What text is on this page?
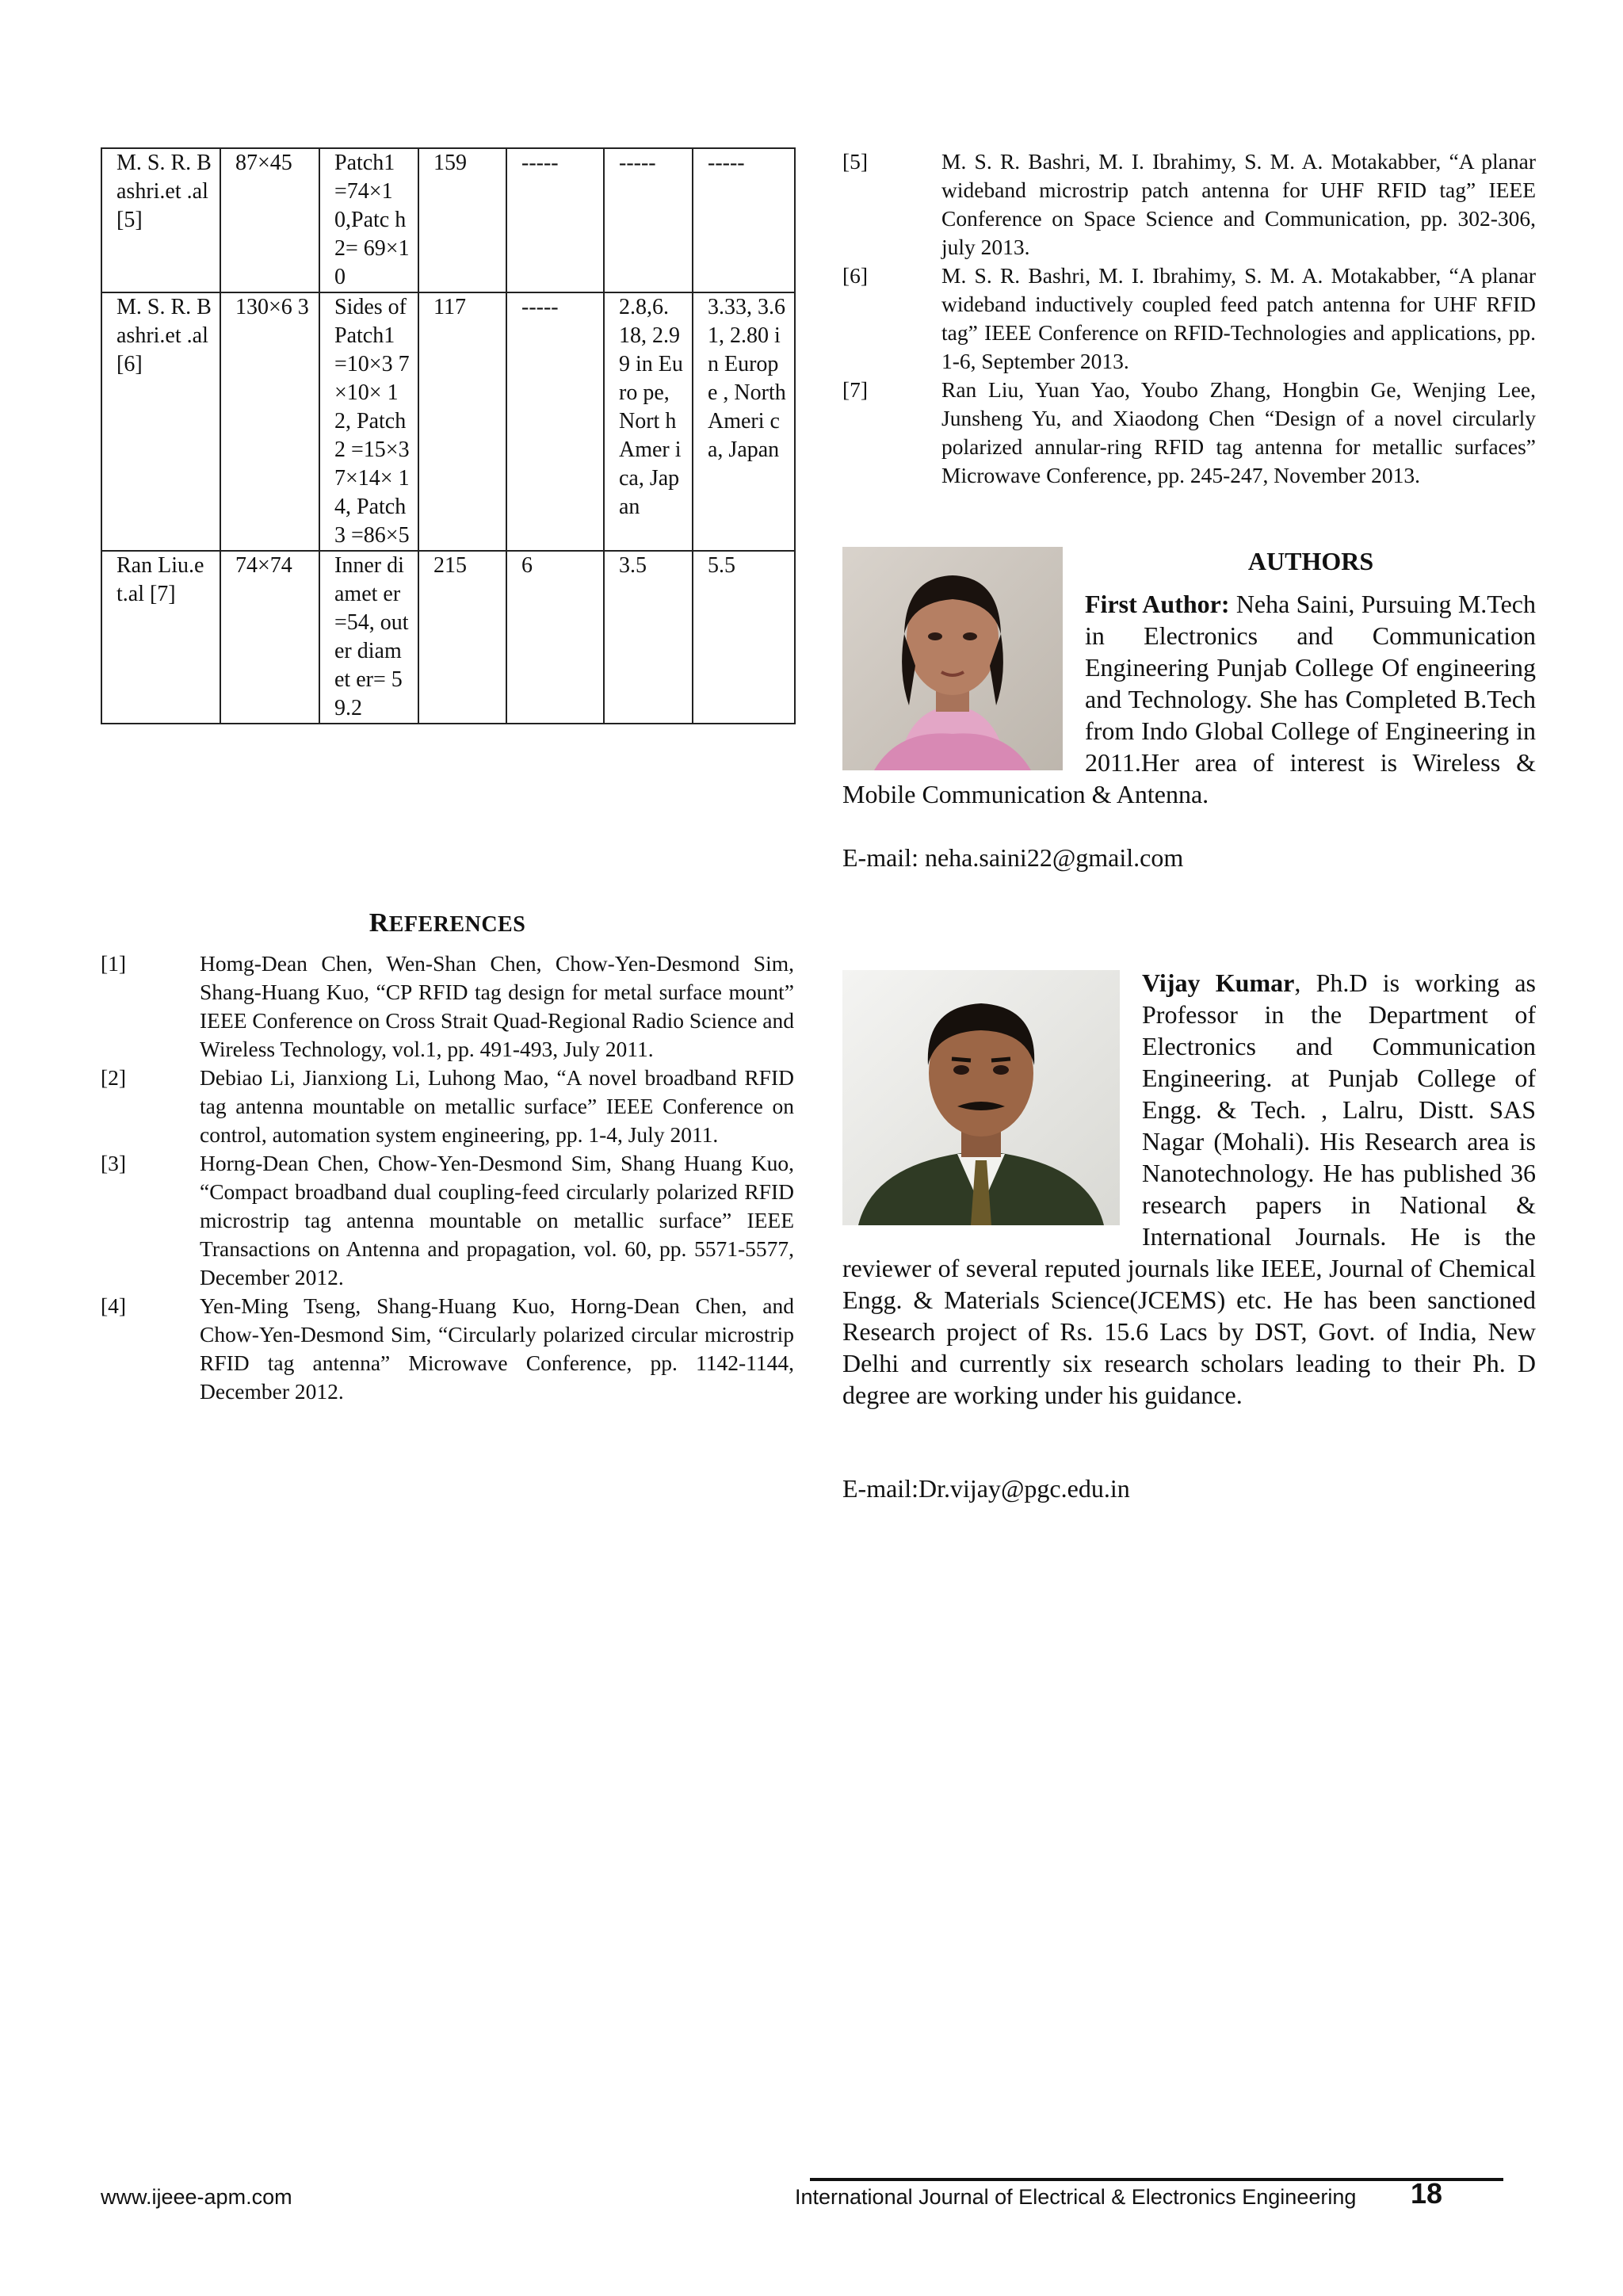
M. S. R. Bashri.et .al [5]	87×45	Patch1 =74×1 0,Patc h2= 69×10	159	-----	-----	-----
M. S. R. Bashri.et .al [6]	130×6 3	Sides of Patch1 =10×3 7×10× 12, Patch2 =15×3 7×14× 14, Patch3 =86×5	117	-----	2.8,6. 18, 2.99 in Euro pe, Nort h Amer ica, Japan	3.33, 3.61, 2.80 in Europe , North Ameri ca, Japan
Ran Liu.et.al [7]	74×74	Inner diamet er=54, outer diamet er= 59.2	215	6	3.5	5.5
REFERENCES
[1]	Homg-Dean Chen, Wen-Shan Chen, Chow-Yen-Desmond Sim, Shang-Huang Kuo, “CP RFID tag design for metal surface mount” IEEE Conference on Cross Strait Quad-Regional Radio Science and Wireless Technology, vol.1, pp. 491-493, July 2011.
[2]	Debiao Li, Jianxiong Li, Luhong Mao, “A novel broadband RFID tag antenna mountable on metallic surface” IEEE Conference on control, automation system engineering, pp. 1-4, July 2011.
[3]	Horng-Dean Chen, Chow-Yen-Desmond Sim, Shang Huang Kuo, “Compact broadband dual coupling-feed circularly polarized RFID microstrip tag antenna mountable on metallic surface” IEEE Transactions on Antenna and propagation, vol. 60, pp. 5571-5577, December 2012.
[4]	Yen-Ming Tseng, Shang-Huang Kuo, Horng-Dean Chen, and Chow-Yen-Desmond Sim, “Circularly polarized circular microstrip RFID tag antenna” Microwave Conference, pp. 1142-1144, December 2012.
[5]	M. S. R. Bashri, M. I. Ibrahimy, S. M. A. Motakabber, “A planar wideband microstrip patch antenna for UHF RFID tag” IEEE Conference on Space Science and Communication, pp. 302-306, july 2013.
[6]	M. S. R. Bashri, M. I. Ibrahimy, S. M. A. Motakabber, “A planar wideband inductively coupled feed patch antenna for UHF RFID tag” IEEE Conference on RFID-Technologies and applications, pp. 1-6, September 2013.
[7]	Ran Liu, Yuan Yao, Youbo Zhang, Hongbin Ge, Wenjing Lee, Junsheng Yu, and Xiaodong Chen “Design of a novel circularly polarized annular-ring RFID tag antenna for metallic surfaces” Microwave Conference, pp. 245-247, November 2013.
AUTHORS
First Author: Neha Saini, Pursuing M.Tech in Electronics and Communication Engineering Punjab College Of engineering and Technology. She has Completed B.Tech from Indo Global College of Engineering in 2011.Her area of interest is Wireless & Mobile Communication & Antenna.
E-mail: neha.saini22@gmail.com
Vijay Kumar, Ph.D is working as Professor in the Department of Electronics and Communication Engineering. at Punjab College of Engg. & Tech. , Lalru, Distt. SAS Nagar (Mohali). His Research area is Nanotechnology. He has published 36 research papers in National & International Journals. He is the reviewer of several reputed journals like IEEE, Journal of Chemical Engg. & Materials Science(JCEMS) etc. He has been sanctioned Research project of Rs. 15.6 Lacs by DST, Govt. of India, New Delhi and currently six research scholars leading to their Ph. D degree are working under his guidance.
E-mail:Dr.vijay@pgc.edu.in
www.ijeee-apm.com	International Journal of Electrical & Electronics Engineering 18
